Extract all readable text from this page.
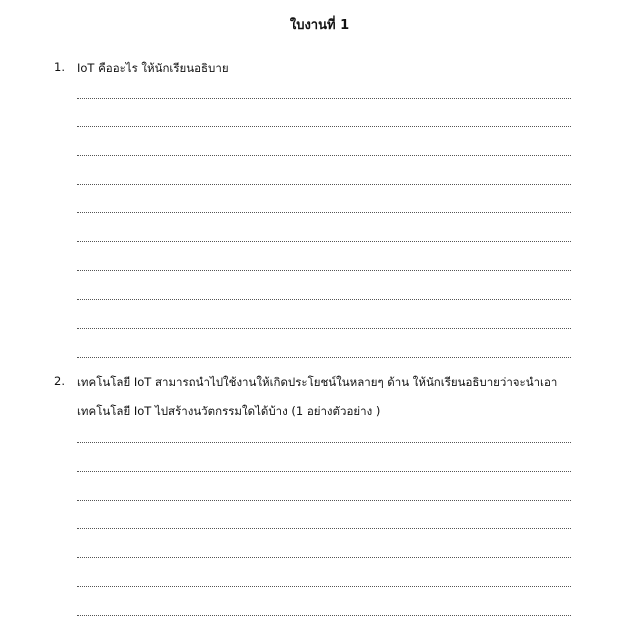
ใบงานที่ 1
1. IoT คืออะไร ให้นักเรียนอธิบาย
2. เทคโนโลยี IoT สามารถนำไปใช้งานให้เกิดประโยชน์ในหลายๆ ด้าน ให้นักเรียนอธิบายว่าจะนำเอา
เทคโนโลยี IoT ไปสร้างนวัตกรรมใดได้บ้าง (1 อย่างตัวอย่าง )
